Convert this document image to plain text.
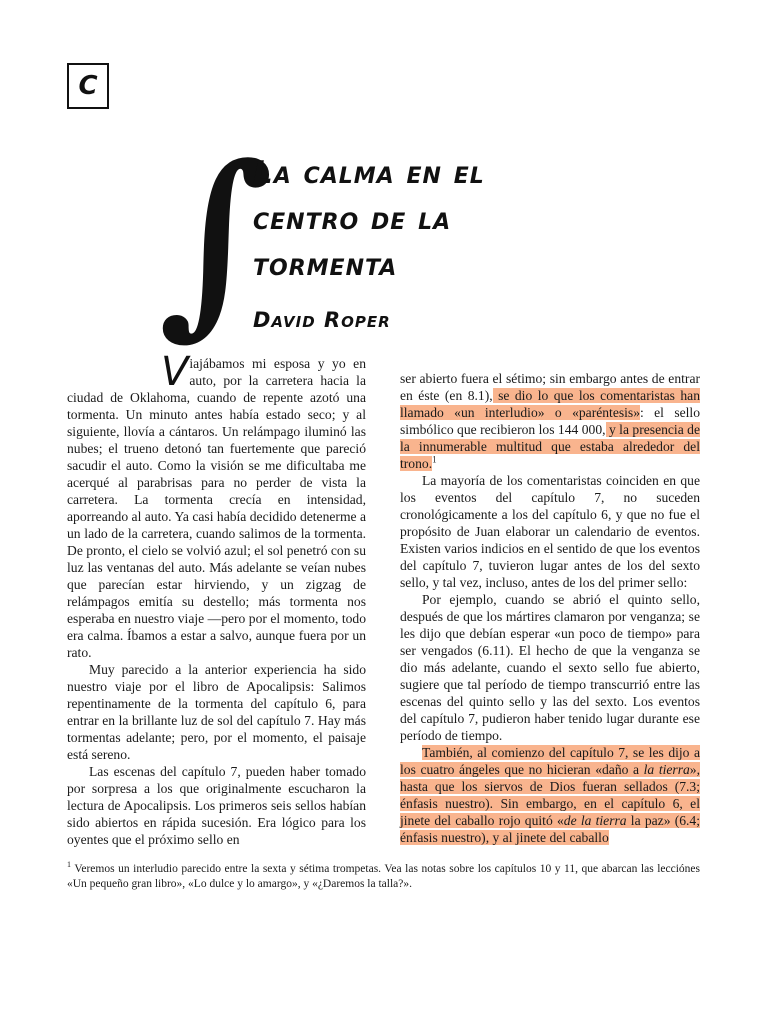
C
∫
La calma en el centro de la tormenta
David Roper

V iajábamos mi esposa y yo en auto, por la carretera hacia la ciudad de Oklahoma, cuando de repente azotó una tormenta. Un minuto antes había estado seco; y al siguiente, llovía a cántaros. Un relámpago iluminó las nubes; el trueno detonó tan fuertemente que pareció sacudir el auto. Como la visión se me dificultaba me acerqué al parabrisas para no perder de vista la carretera. La tormenta crecía en intensidad, aporreando al auto. Ya casi había decidido detenerme a un lado de la carretera, cuando salimos de la tormenta. De pronto, el cielo se volvió azul; el sol penetró con su luz las ventanas del auto. Más adelante se veían nubes que parecían estar hirviendo, y un zigzag de relámpagos emitía su destello; más tormenta nos esperaba en nuestro viaje —pero por el momento, todo era calma. Íbamos a estar a salvo, aunque fuera por un rato.

Muy parecido a la anterior experiencia ha sido nuestro viaje por el libro de Apocalipsis: Salimos repentinamente de la tormenta del capítulo 6, para entrar en la brillante luz de sol del capítulo 7. Hay más tormentas adelante; pero, por el momento, el paisaje está sereno.

Las escenas del capítulo 7, pueden haber tomado por sorpresa a los que originalmente escucharon la lectura de Apocalipsis. Los primeros seis sellos habían sido abiertos en rápida sucesión. Era lógico para los oyentes que el próximo sello en

ser abierto fuera el sétimo; sin embargo antes de entrar en éste (en 8.1), se dio lo que los comentaristas han llamado «un interludio» o «paréntesis»: el sello simbólico que recibieron los 144 000, y la presencia de la innumerable multitud que estaba alrededor del trono.$^1$

La mayoría de los comentaristas coinciden en que los eventos del capítulo 7, no suceden cronológicamente a los del capítulo 6, y que no fue el propósito de Juan elaborar un calendario de eventos. Existen varios indicios en el sentido de que los eventos del capítulo 7, tuvieron lugar antes de los del sexto sello, y tal vez, incluso, antes de los del primer sello:

Por ejemplo, cuando se abrió el quinto sello, después de que los mártires clamaron por venganza; se les dijo que debían esperar «un poco de tiempo» para ser vengados (6.11). El hecho de que la venganza se dio más adelante, cuando el sexto sello fue abierto, sugiere que tal período de tiempo transcurrió entre las escenas del quinto sello y las del sexto. Los eventos del capítulo 7, pudieron haber tenido lugar durante ese período de tiempo.

También, al comienzo del capítulo 7, se les dijo a los cuatro ángeles que no hicieran «daño a la tierra», hasta que los siervos de Dios fueran sellados (7.3; énfasis nuestro). Sin embargo, en el capítulo 6, el jinete del caballo rojo quitó «de la tierra la paz» (6.4; énfasis nuestro), y al jinete del caballo

$^1$ Veremos un interludio parecido entre la sexta y sétima trompetas. Vea las notas sobre los capítulos 10 y 11, que abarcan las lecciónes «Un pequeño gran libro», «Lo dulce y lo amargo», y «¿Daremos la talla?».
